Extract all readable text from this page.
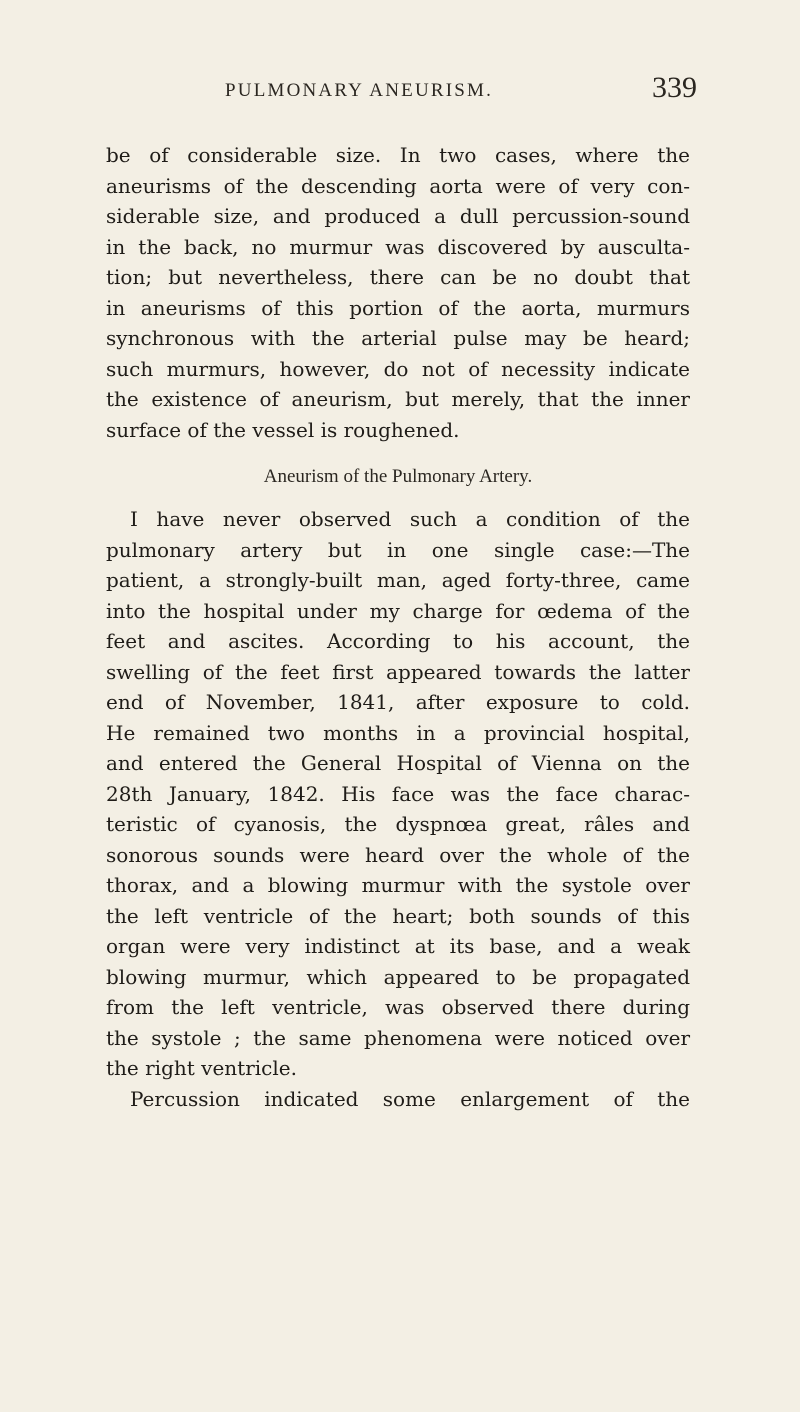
PULMONARY ANEURISM.	339
be of considerable size. In two cases, where the
aneurisms of the descending aorta were of very con-
siderable size, and produced a dull percussion-sound
in the back, no murmur was discovered by ausculta-
tion; but nevertheless, there can be no doubt that
in aneurisms of this portion of the aorta, murmurs
synchronous with the arterial pulse may be heard;
such murmurs, however, do not of necessity indicate
the existence of aneurism, but merely, that the inner
surface of the vessel is roughened.
Aneurism of the Pulmonary Artery.
I have never observed such a condition of the
pulmonary artery but in one single case:—The
patient, a strongly-built man, aged forty-three, came
into the hospital under my charge for œdema of the
feet and ascites. According to his account, the
swelling of the feet first appeared towards the latter
end of November, 1841, after exposure to cold.
He remained two months in a provincial hospital,
and entered the General Hospital of Vienna on the
28th January, 1842. His face was the face charac-
teristic of cyanosis, the dyspnœa great, râles and
sonorous sounds were heard over the whole of the
thorax, and a blowing murmur with the systole over
the left ventricle of the heart; both sounds of this
organ were very indistinct at its base, and a weak
blowing murmur, which appeared to be propagated
from the left ventricle, was observed there during
the systole ; the same phenomena were noticed over
the right ventricle.
Percussion indicated some enlargement of the
